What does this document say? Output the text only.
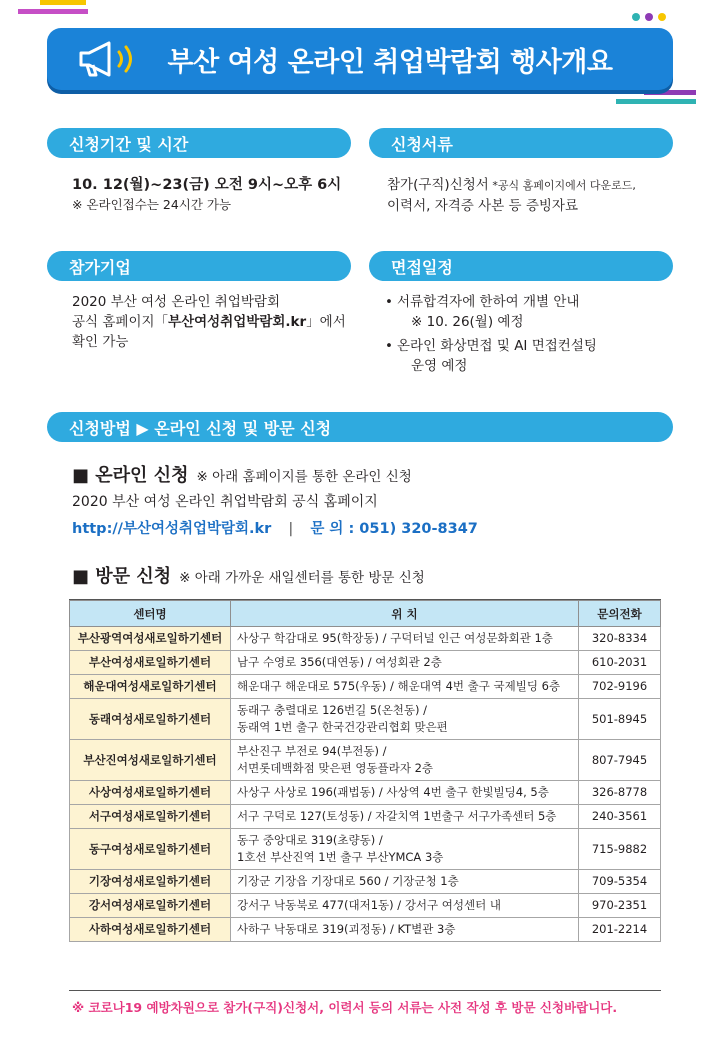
부산 여성 온라인 취업박람회 행사개요
신청기간 및 시간
10. 12(월)~23(금) 오전 9시~오후 6시
※ 온라인접수는 24시간 가능
신청서류
참가(구직)신청서 *공식 홈페이지에서 다운로드,
이력서, 자격증 사본 등 증빙자료
참가기업
2020 부산 여성 온라인 취업박람회
공식 홈페이지「부산여성취업박람회.kr」에서
확인 가능
면접일정
• 서류합격자에 한하여 개별 안내
※ 10. 26(월) 예정
• 온라인 화상면접 및 AI 면접컨설팅
운영 예정
신청방법 ▶ 온라인 신청 및 방문 신청
■ 온라인 신청 ※ 아래 홈페이지를 통한 온라인 신청
2020 부산 여성 온라인 취업박람회 공식 홈페이지
http://부산여성취업박람회.kr | 문 의 : 051) 320-8347
■ 방문 신청 ※ 아래 가까운 새일센터를 통한 방문 신청
센터명	위 치	문의전화
부산광역여성새로일하기센터	사상구 학감대로 95(학장동) / 구덕터널 인근 여성문화회관 1층	320-8334
부산여성새로일하기센터	남구 수영로 356(대연동) / 여성회관 2층	610-2031
해운대여성새로일하기센터	해운대구 해운대로 575(우동) / 해운대역 4번 출구 국제빌딩 6층	702-9196
동래여성새로일하기센터	동래구 충렬대로 126번길 5(온천동) /
동래역 1번 출구 한국건강관리협회 맞은편	501-8945
부산진여성새로일하기센터	부산진구 부전로 94(부전동) /
서면롯데백화점 맞은편 영동플라자 2층	807-7945
사상여성새로일하기센터	사상구 사상로 196(괘법동) / 사상역 4번 출구 한빛빌딩4, 5층	326-8778
서구여성새로일하기센터	서구 구덕로 127(토성동) / 자갈치역 1번출구 서구가족센터 5층	240-3561
동구여성새로일하기센터	동구 중앙대로 319(초량동) /
1호선 부산진역 1번 출구 부산YMCA 3층	715-9882
기장여성새로일하기센터	기장군 기장읍 기장대로 560 / 기장군청 1층	709-5354
강서여성새로일하기센터	강서구 낙동북로 477(대저1동) / 강서구 여성센터 내	970-2351
사하여성새로일하기센터	사하구 낙동대로 319(괴정동) / KT별관 3층	201-2214
※ 코로나19 예방차원으로 참가(구직)신청서, 이력서 등의 서류는 사전 작성 후 방문 신청바랍니다.
